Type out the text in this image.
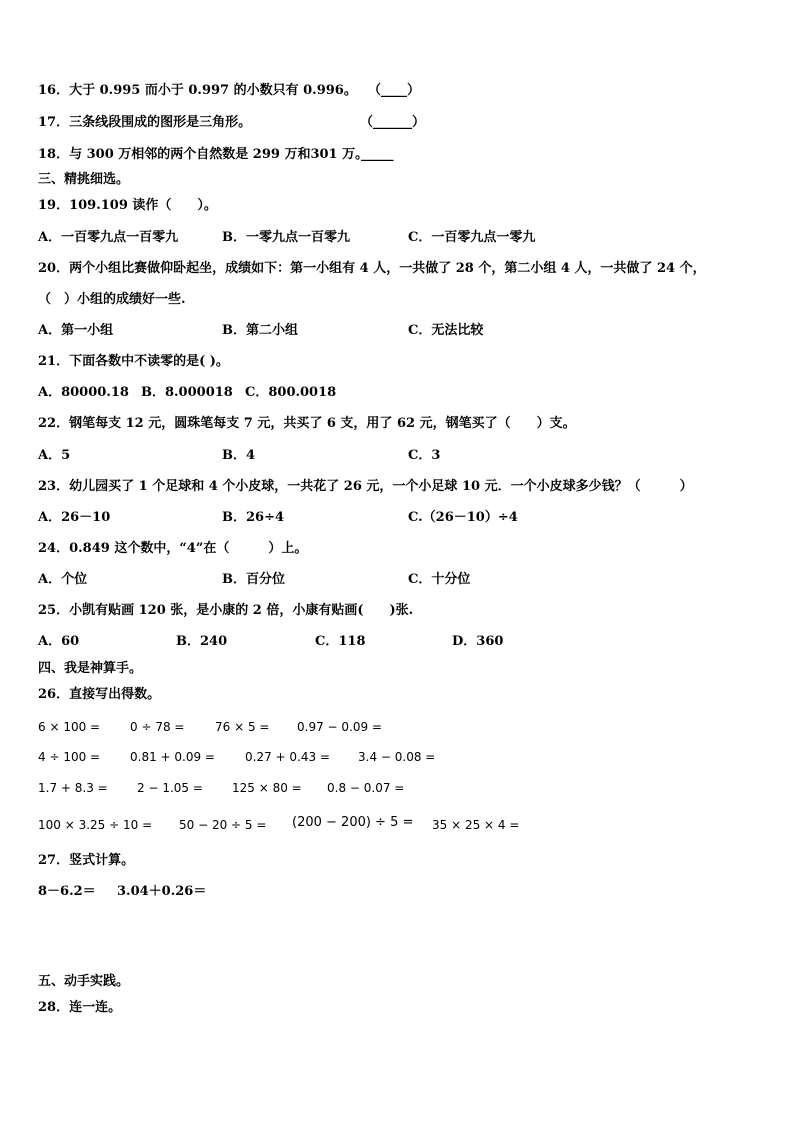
16．大于 0.995 而小于 0.997 的小数只有 0.996。 （____）
17．三条线段围成的图形是三角形。	（______）
18．与 300 万相邻的两个自然数是 299 万和301 万。
_____
三、精挑细选。
19．109.109 读作（　　）。
A．一百零九点一百零九	B．一零九点一百零九	C．一百零九点一零九
20．两个小组比赛做仰卧起坐，成绩如下：第一小组有 4 人，一共做了 28 个，第二小组 4 人，一共做了 24 个，
（　）小组的成绩好一些.
A．第一小组	B．第二小组	C．无法比较
21．下面各数中不读零的是( )。
A．80000.18 B．8.000018 C．800.0018
22．钢笔每支 12 元，圆珠笔每支 7 元，共买了 6 支，用了 62 元，钢笔买了（　　）支。
A．5	B．4	C．3
23．幼儿园买了 1 个足球和 4 个小皮球，一共花了 26 元，一个小足球 10 元．一个小皮球多少钱？（　　　）
A．26－10	B．26÷4	C.（26－10）÷4
24．0.849 这个数中，“4”在（　　　）上。
A．个位	B．百分位	C．十分位
25．小凯有贴画 120 张，是小康的 2 倍，小康有贴画(　　)张.
A．60	B．240	C．118	D．360
四、我是神算手。
26．直接写出得数。
6 × 100 = 0 ÷ 78 =	76 × 5 = 0.97 − 0.09 =
4 ÷ 100 = 0.81 + 0.09 =	0.27 + 0.43 = 3.4 − 0.08 =
1.7 + 8.3 = 2 − 1.05 = 125 × 80 = 0.8 − 0.07 =
100 × 3.25 ÷ 10 = 50 − 20 ÷ 5 = (200 − 200) ÷ 5 = 35 × 25 × 4 =
27．竖式计算。
8－6.2＝ 3.04＋0.26＝
五、动手实践。
28．连一连。
